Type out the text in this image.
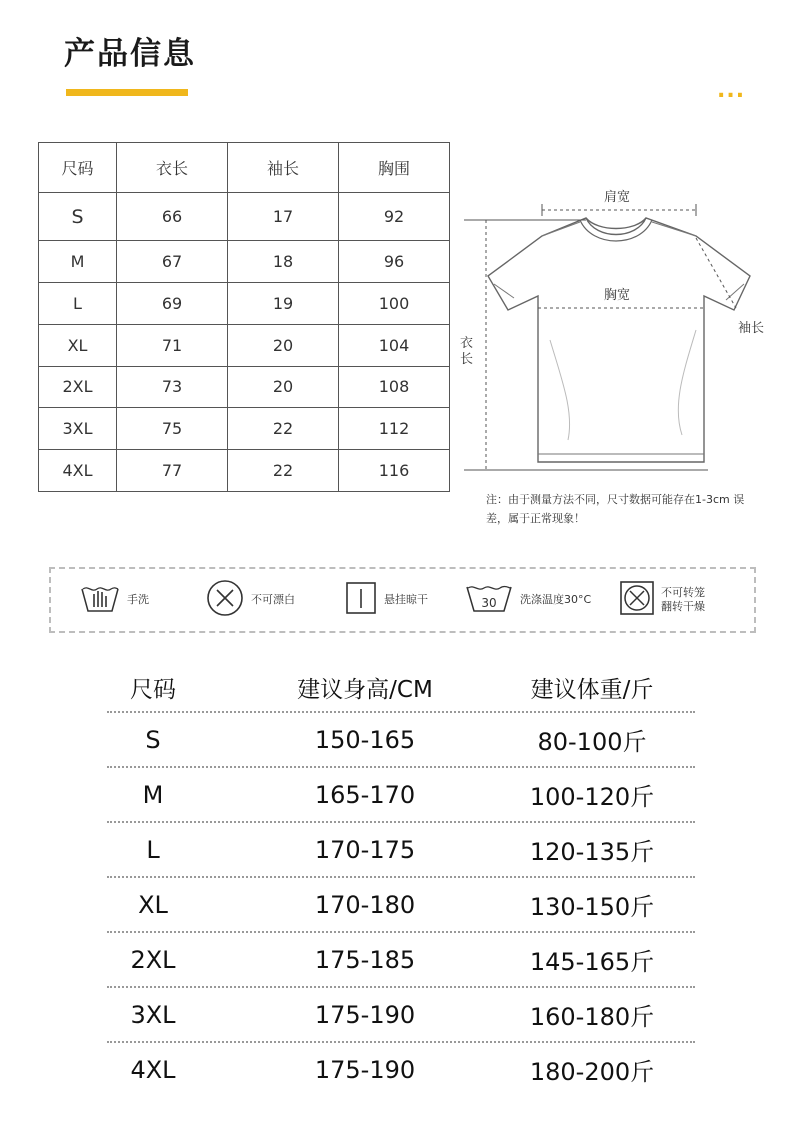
产品信息
...
尺码	衣长	袖长	胸围
S	66	17	92
M	67	18	96
L	69	19	100
XL	71	20	104
2XL	73	20	108
3XL	75	22	112
4XL	77	22	116
肩宽
胸宽
袖长
衣长
注：由于测量方法不同，尺寸数据可能存在1-3cm 误差，属于正常现象！
手洗	不可漂白	悬挂晾干	30 洗涤温度30°C
不可转笼
翻转干燥
尺码	建议身高/CM	建议体重/斤
S	150-165	80-100斤
M	165-170	100-120斤
L	170-175	120-135斤
XL	170-180	130-150斤
2XL	175-185	145-165斤
3XL	175-190	160-180斤
4XL	175-190	180-200斤
